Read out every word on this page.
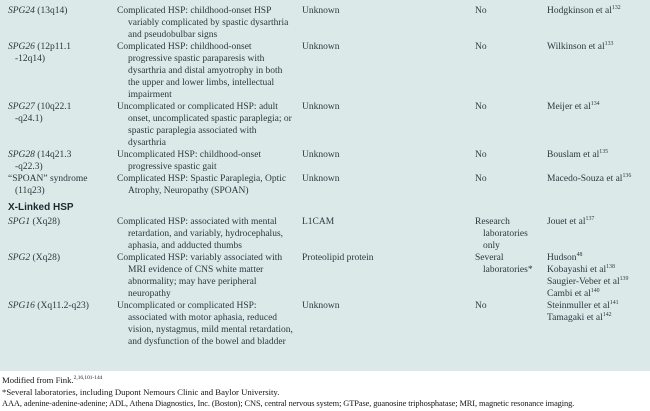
SPG24 (13q14)	Complicated HSP: childhood-onset HSP variably complicated by spastic dysarthria and pseudobulbar signs	Unknown	No	Hodgkinson et $al^{132}$

SPG26 (12p11.1
-12q14)	Complicated HSP: childhood-onset progressive spastic paraparesis with dysarthria and distal amyotrophy in both the upper and lower limbs, intellectual impairment	Unknown	No	Wilkinson et $al^{133}$

SPG27 (10q22.1
-q24.1)	Uncomplicated or complicated HSP: adult onset, uncomplicated spastic paraplegia; or spastic paraplegia associated with dysarthria	Unknown	No	Meijer et $al^{134}$

SPG28 (14q21.3
-q22.3)	Uncomplicated HSP: childhood-onset progressive spastic gait	Unknown	No	Bouslam et $al^{135}$

“SPOAN” syndrome
(11q23)	Complicated HSP: Spastic Paraplegia, Optic Atrophy, Neuropathy (SPOAN)	Unknown	No	Macedo-Souza et $al^{136}$

X-Linked HSP				

SPG1 (Xq28)	Complicated HSP: associated with mental retardation, and variably, hydrocephalus, aphasia, and adducted thumbs	L1CAM	Research laboratories only	Jouet et $al^{137}$

SPG2 (Xq28)	Complicated HSP: variably associated with MRI evidence of CNS white matter abnormality; may have peripheral neuropathy	Proteolipid protein	Several laboratories*	Hudson$^{48}$
Kobayashi et $al^{138}$
Saugier-Veber et $al^{139}$
Cambi et $al^{140}$

SPG16 (Xq11.2-q23)	Uncomplicated or complicated HSP: associated with motor aphasia, reduced vision, nystagmus, mild mental retardation, and dysfunction of the bowel and bladder	Unknown	No	Steinmuller et $al^{141}$
Tamagaki et $al^{142}$
Modified from Fink.$^{2,16,101-144}$
*Several laboratories, including Dupont Nemours Clinic and Baylor University.
AAA, adenine-adenine-adenine; ADL, Athena Diagnostics, Inc. (Boston); CNS, central nervous system; GTPase, guanosine triphosphatase; MRI, magnetic resonance imaging.
